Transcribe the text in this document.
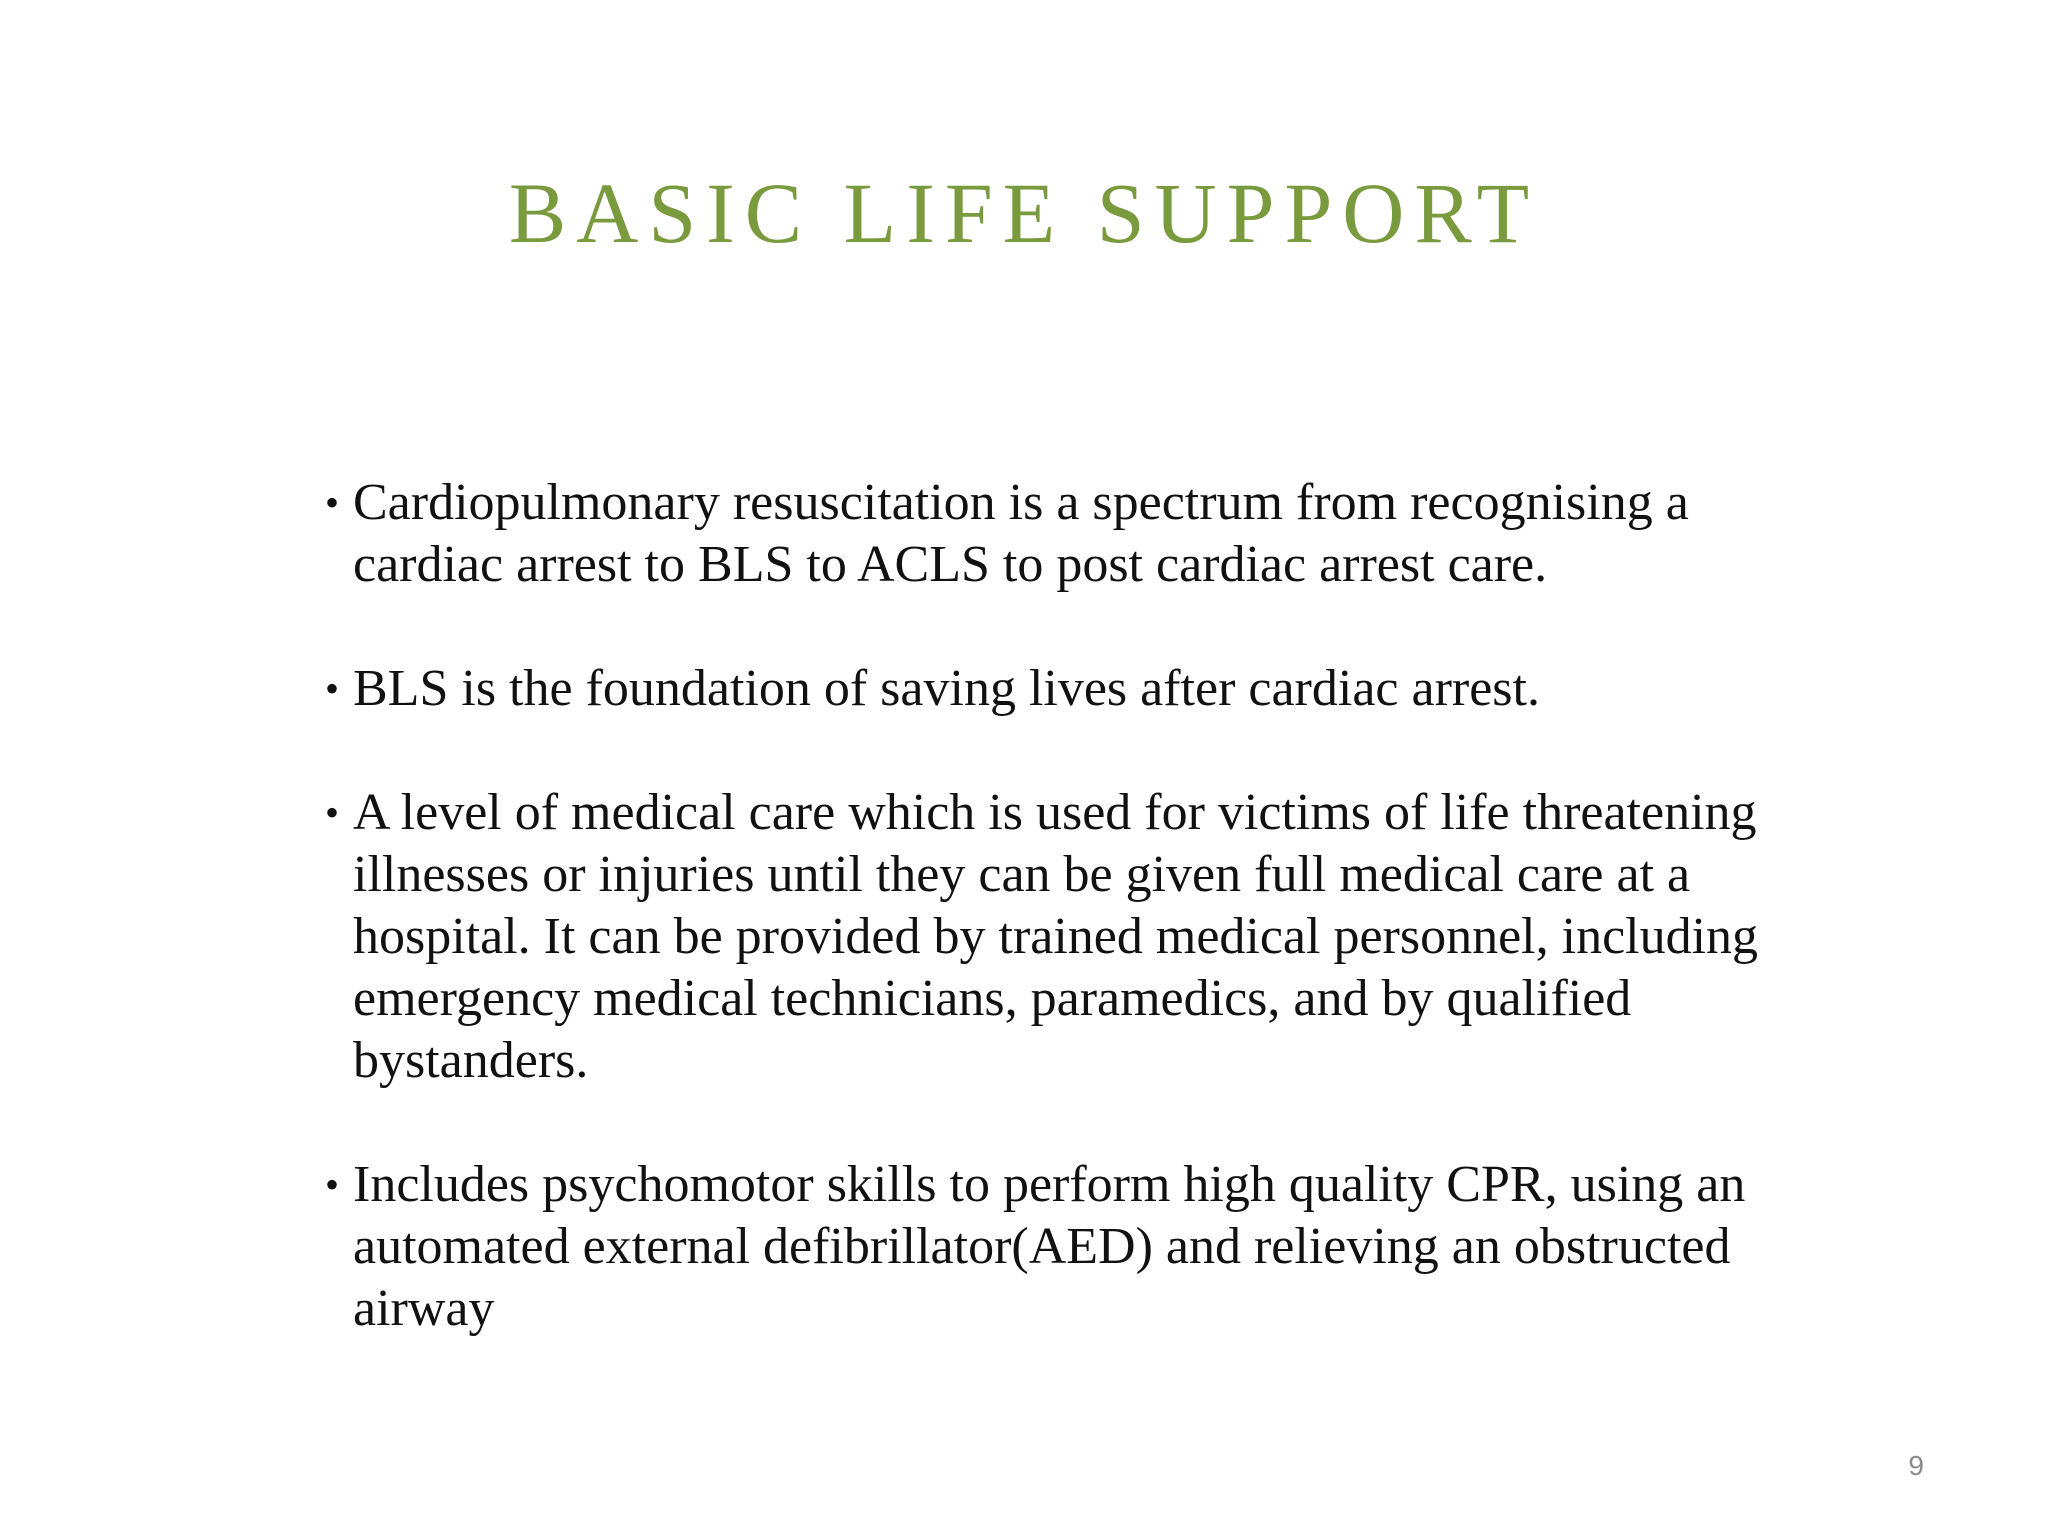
BASIC LIFE SUPPORT
• Cardiopulmonary resuscitation is a spectrum from recognising a cardiac arrest to BLS to ACLS to post cardiac arrest care.
• BLS is the foundation of saving lives after cardiac arrest.
• A level of medical care which is used for victims of life threatening illnesses or injuries until they can be given full medical care at a hospital. It can be provided by trained medical personnel, including emergency medical technicians, paramedics, and by qualified bystanders.
• Includes psychomotor skills to perform high quality CPR, using an automated external defibrillator(AED) and relieving an obstructed airway
9
